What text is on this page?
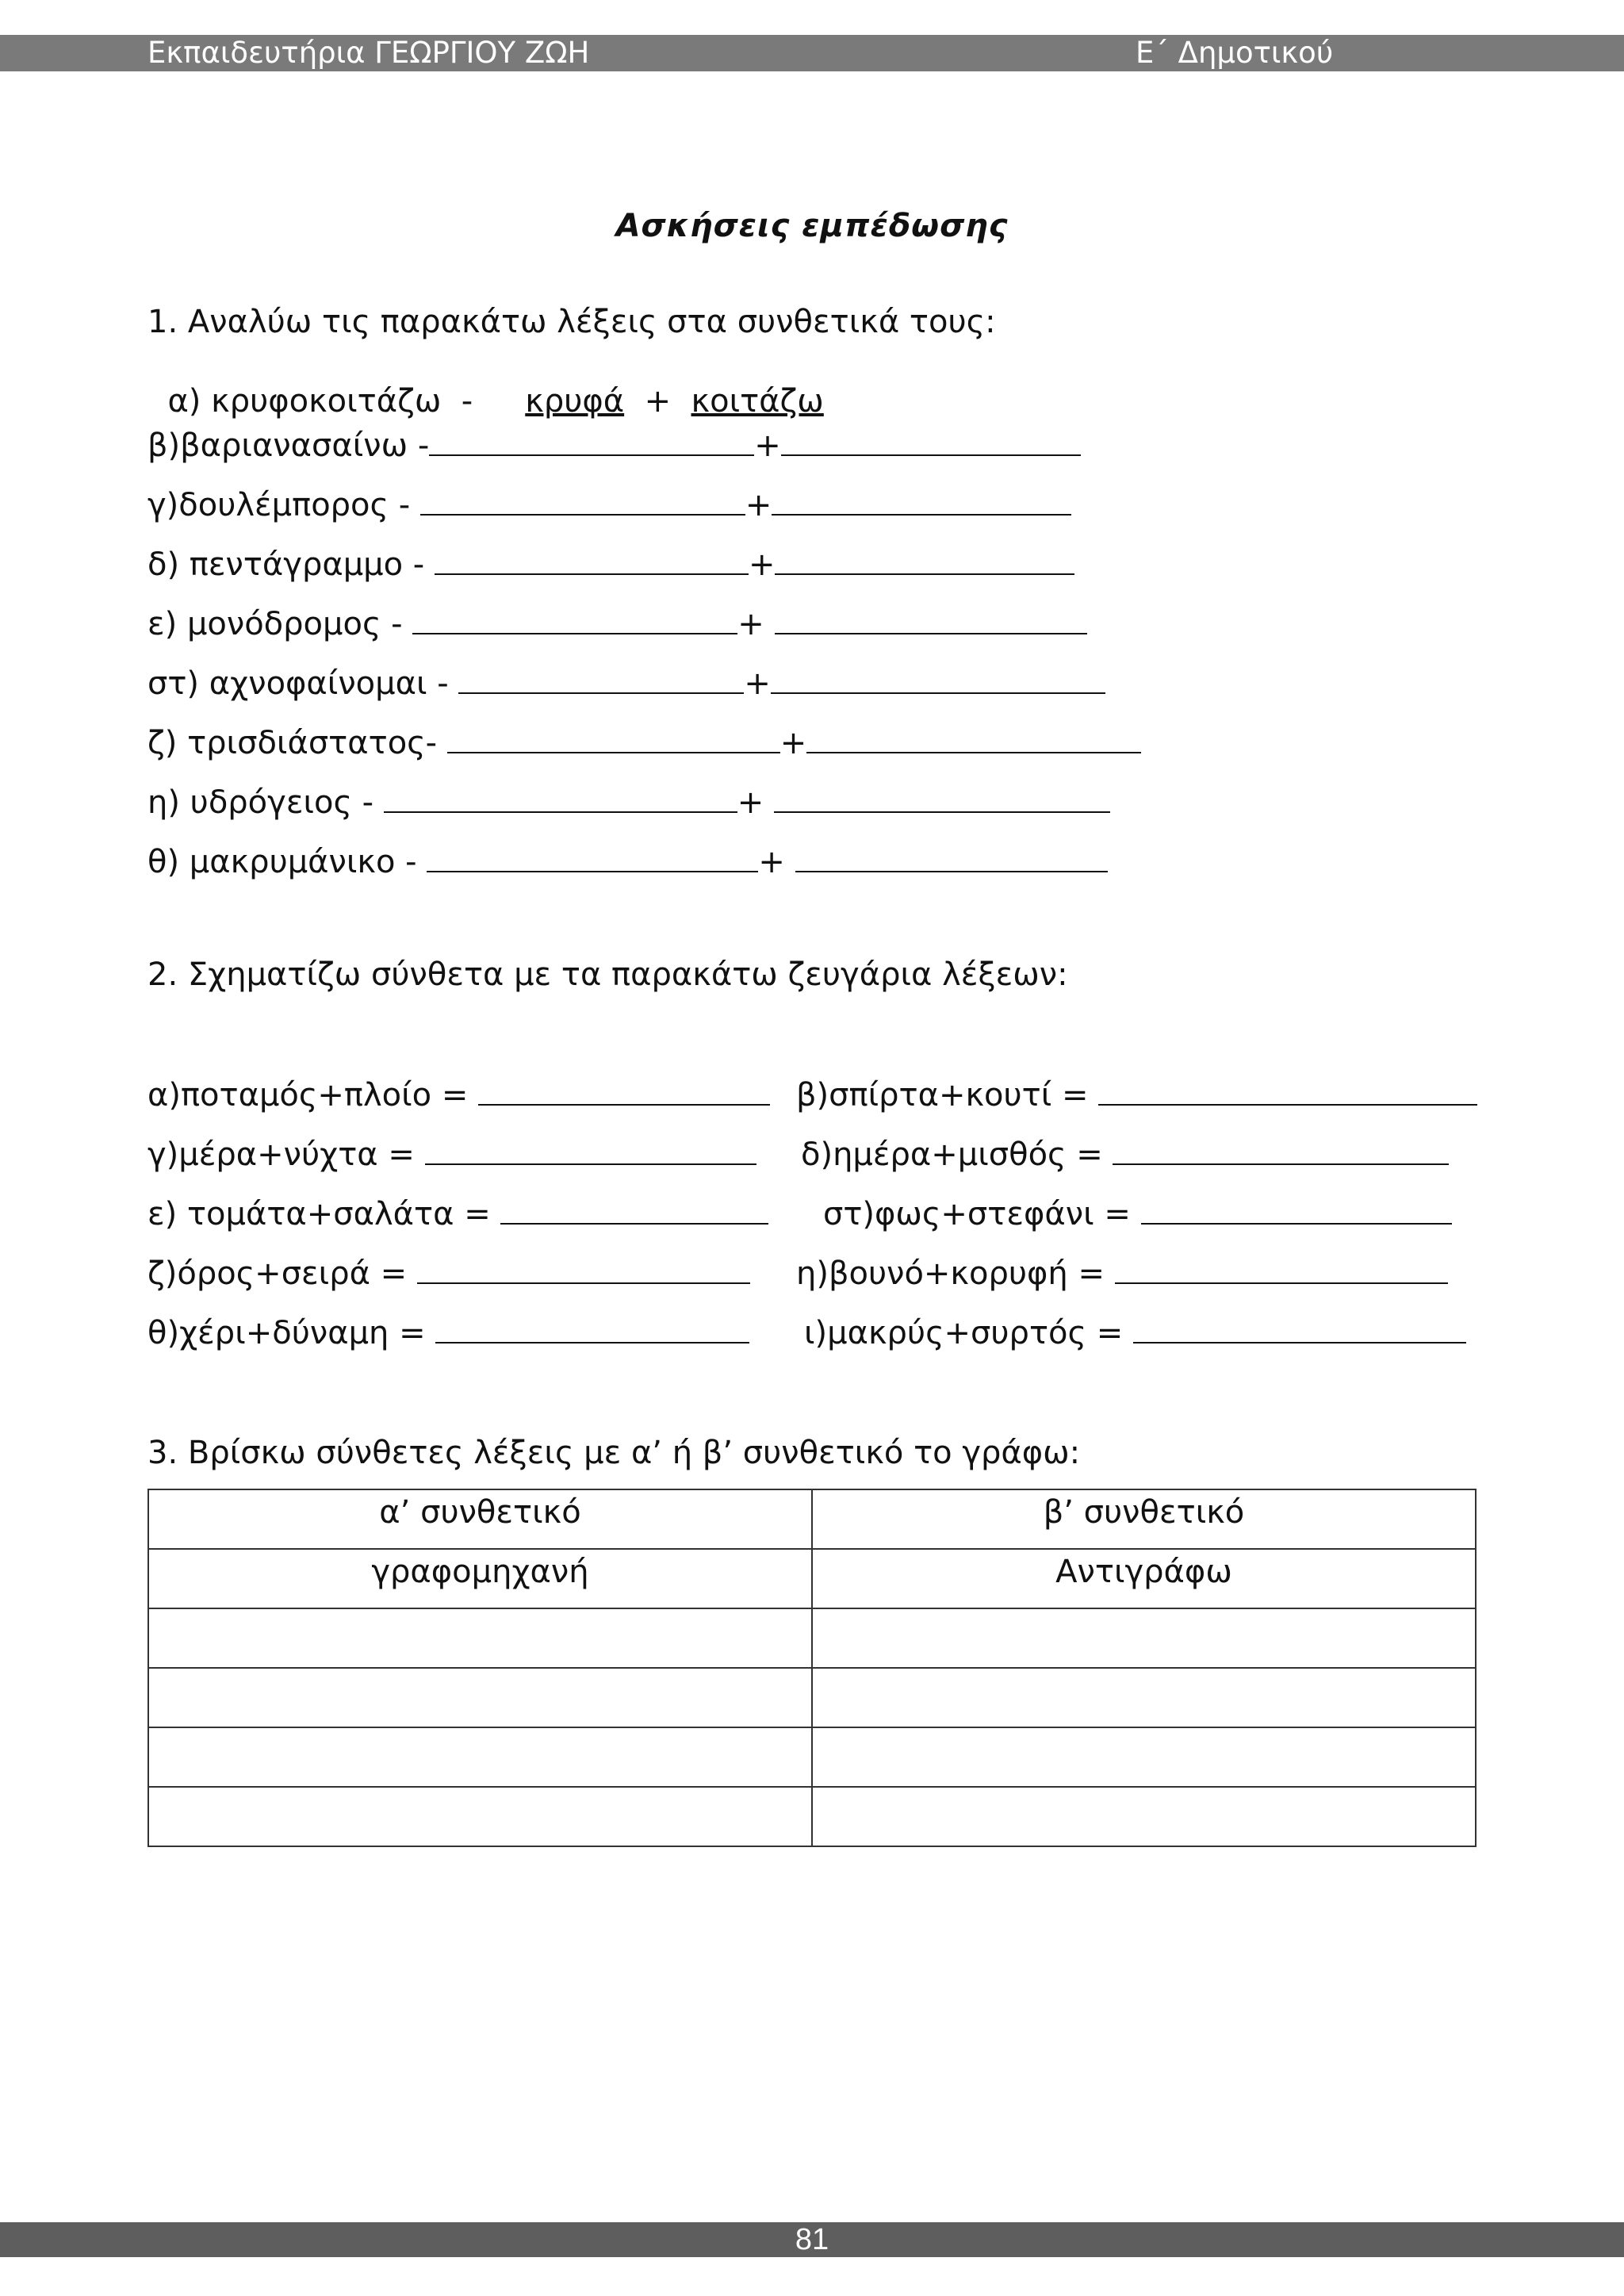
Εκπαιδευτήρια ΓΕΩΡΓΙΟΥ ΖΩΗ	Ε΄ Δημοτικού
Ασκήσεις εμπέδωσης
1. Αναλύω τις παρακάτω λέξεις στα συνθετικά τους:

α) κρυφοκοιτάζω  - κρυφά + κοιτάζω

β)βαριανασαίνω -	+
γ)δουλέμπορος -	+
δ) πεντάγραμμο -	+
ε) μονόδρομος -	+
στ) αχνοφαίνομαι -	+
ζ) τρισδιάστατος-	+
η) υδρόγειος -	+
θ) μακρυμάνικο -	+
2. Σχηματίζω σύνθετα με τα παρακάτω ζευγάρια λέξεων:
α)ποταμός+πλοίο =	β)σπίρτα+κουτί =
γ)μέρα+νύχτα =	δ)ημέρα+μισθός =
ε) τομάτα+σαλάτα =	στ)φως+στεφάνι =
ζ)όρος+σειρά =	η)βουνό+κορυφή =
θ)χέρι+δύναμη =	ι)μακρύς+συρτός =
3. Βρίσκω σύνθετες λέξεις με α’ ή β’ συνθετικό το γράφω:
α’ συνθετικό	β’ συνθετικό
γραφομηχανή	Αντιγράφω

81
